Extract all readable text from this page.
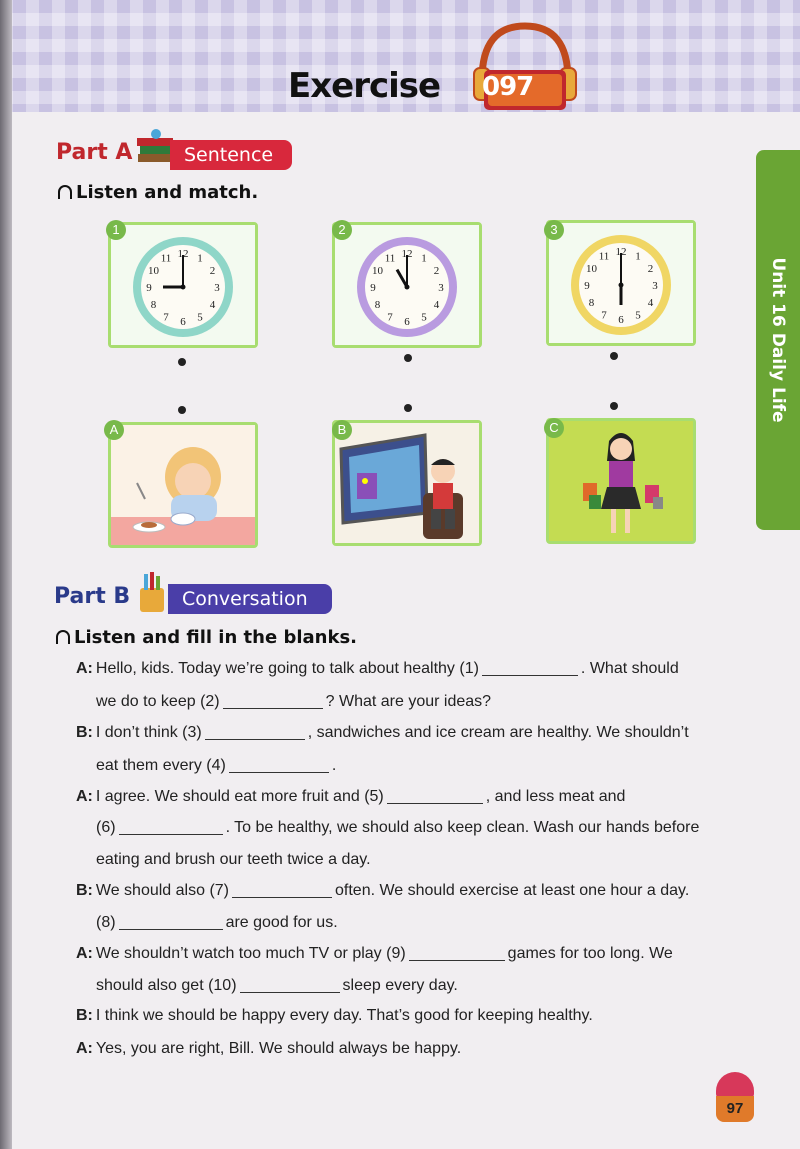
Exercise 097
Unit 16 Daily Life
Part A	Sentence
Listen and match.
12 1
2
3
4
5
6
7
8
9
10
11
1
12 1
2
3
4
5
6
7
8
9
10
11
2
12 1
2
3
4
5
6
7
8
9
10
11
3
A	B	C
Part B	Conversation
Listen and fill in the blanks.
A: Hello, kids. Today we’re going to talk about healthy (1)	. What should
we do to keep (2)	? What are your ideas?
B: I don’t think (3)	, sandwiches and ice cream are healthy. We shouldn’t
eat them every (4)	.
A: I agree. We should eat more fruit and (5)	, and less meat and
(6)	. To be healthy, we should also keep clean. Wash our hands before
eating and brush our teeth twice a day.
B: We should also (7)	often. We should exercise at least one hour a day.
(8)	are good for us.
A: We shouldn’t watch too much TV or play (9)	games for too long. We
should also get (10)	sleep every day.
B: I think we should be happy every day. That’s good for keeping healthy.
A: Yes, you are right, Bill. We should always be happy.
97
